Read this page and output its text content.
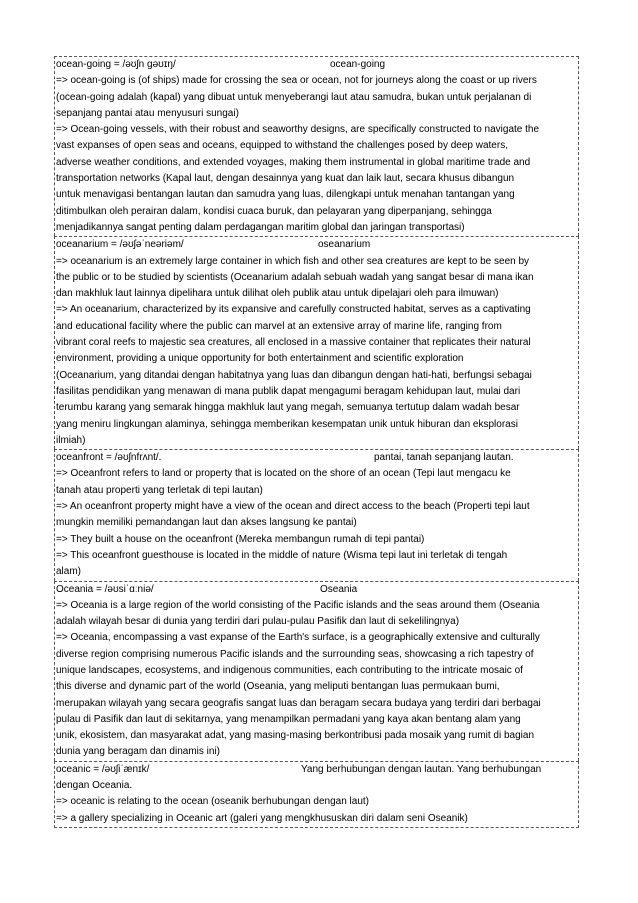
ocean-going = /əʊʃn ɡəʊɪŋ/	ocean-going
=> ocean-going is (of ships) made for crossing the sea or ocean, not for journeys along the coast or up rivers
(ocean-going adalah (kapal) yang dibuat untuk menyeberangi laut atau samudra, bukan untuk perjalanan di
sepanjang pantai atau menyusuri sungai)
=> Ocean-going vessels, with their robust and seaworthy designs, are specifically constructed to navigate the
vast expanses of open seas and oceans, equipped to withstand the challenges posed by deep waters,
adverse weather conditions, and extended voyages, making them instrumental in global maritime trade and
transportation networks (Kapal laut, dengan desainnya yang kuat dan laik laut, secara khusus dibangun
untuk menavigasi bentangan lautan dan samudra yang luas, dilengkapi untuk menahan tantangan yang
ditimbulkan oleh perairan dalam, kondisi cuaca buruk, dan pelayaran yang diperpanjang, sehingga
menjadikannya sangat penting dalam perdagangan maritim global dan jaringan transportasi)
oceanarium = /əʊʃəˈneəriəm/	oseanarium
=> oceanarium is an extremely large container in which fish and other sea creatures are kept to be seen by
the public or to be studied by scientists (Oceanarium adalah sebuah wadah yang sangat besar di mana ikan
dan makhluk laut lainnya dipelihara untuk dilihat oleh publik atau untuk dipelajari oleh para ilmuwan)
=> An oceanarium, characterized by its expansive and carefully constructed habitat, serves as a captivating
and educational facility where the public can marvel at an extensive array of marine life, ranging from
vibrant coral reefs to majestic sea creatures, all enclosed in a massive container that replicates their natural
environment, providing a unique opportunity for both entertainment and scientific exploration
(Oceanarium, yang ditandai dengan habitatnya yang luas dan dibangun dengan hati-hati, berfungsi sebagai
fasilitas pendidikan yang menawan di mana publik dapat mengagumi beragam kehidupan laut, mulai dari
terumbu karang yang semarak hingga makhluk laut yang megah, semuanya tertutup dalam wadah besar
yang meniru lingkungan alaminya, sehingga memberikan kesempatan unik untuk hiburan dan eksplorasi
ilmiah)
oceanfront = /əʊʃnfrʌnt/.	pantai, tanah sepanjang lautan.
=> Oceanfront refers to land or property that is located on the shore of an ocean (Tepi laut mengacu ke
tanah atau properti yang terletak di tepi lautan)
=> An oceanfront property might have a view of the ocean and direct access to the beach (Properti tepi laut
mungkin memiliki pemandangan laut dan akses langsung ke pantai)
=> They built a house on the oceanfront (Mereka membangun rumah di tepi pantai)
=> This oceanfront guesthouse is located in the middle of nature (Wisma tepi laut ini terletak di tengah
alam)
Oceania = /əʊsiˈɑːniə/	Oseania
=> Oceania is a large region of the world consisting of the Pacific islands and the seas around them (Oseania
adalah wilayah besar di dunia yang terdiri dari pulau-pulau Pasifik dan laut di sekelilingnya)
=> Oceania, encompassing a vast expanse of the Earth's surface, is a geographically extensive and culturally
diverse region comprising numerous Pacific islands and the surrounding seas, showcasing a rich tapestry of
unique landscapes, ecosystems, and indigenous communities, each contributing to the intricate mosaic of
this diverse and dynamic part of the world (Oseania, yang meliputi bentangan luas permukaan bumi,
merupakan wilayah yang secara geografis sangat luas dan beragam secara budaya yang terdiri dari berbagai
pulau di Pasifik dan laut di sekitarnya, yang menampilkan permadani yang kaya akan bentang alam yang
unik, ekosistem, dan masyarakat adat, yang masing-masing berkontribusi pada mosaik yang rumit di bagian
dunia yang beragam dan dinamis ini)
oceanic = /əʊʃiˈænɪk/	Yang berhubungan dengan lautan. Yang berhubungan
dengan Oceania.
=> oceanic is relating to the ocean (oseanik berhubungan dengan laut)
=> a gallery specializing in Oceanic art (galeri yang mengkhususkan diri dalam seni Oseanik)
